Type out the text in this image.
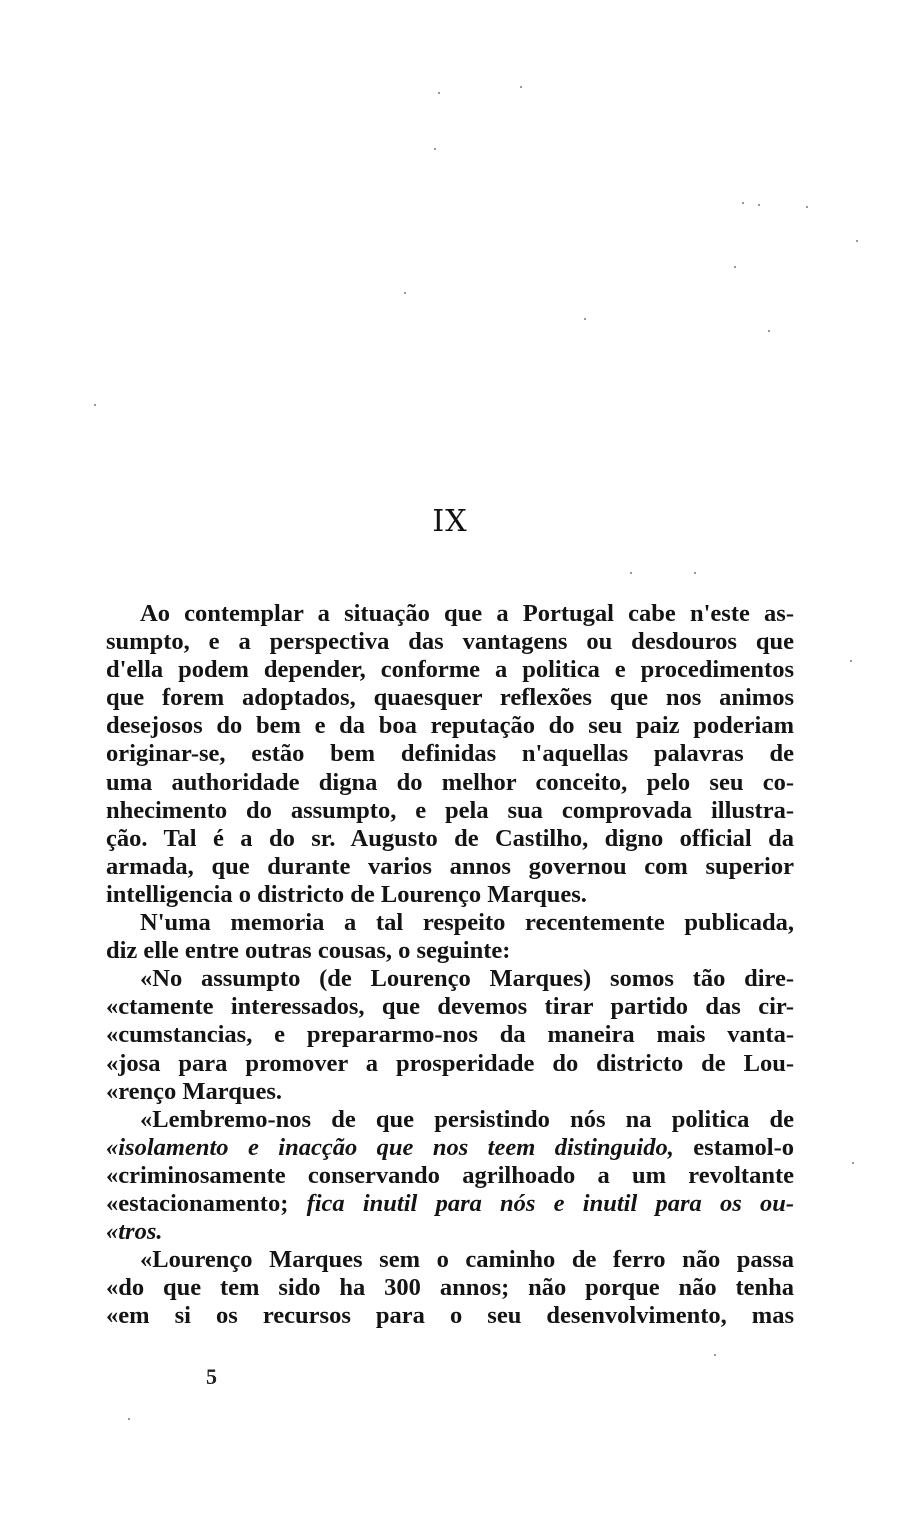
IX
Ao contemplar a situação que a Portugal cabe n'este as-
sumpto, e a perspectiva das vantagens ou desdouros que
d'ella podem depender, conforme a politica e procedimentos
que forem adoptados, quaesquer reflexões que nos animos
desejosos do bem e da boa reputação do seu paiz poderiam
originar-se, estão bem definidas n'aquellas palavras de
uma authoridade digna do melhor conceito, pelo seu co-
nhecimento do assumpto, e pela sua comprovada illustra-
ção. Tal é a do sr. Augusto de Castilho, digno official da
armada, que durante varios annos governou com superior
intelligencia o districto de Lourenço Marques.
N'uma memoria a tal respeito recentemente publicada,
diz elle entre outras cousas, o seguinte:
«No assumpto (de Lourenço Marques) somos tão dire-
«ctamente interessados, que devemos tirar partido das cir-
«cumstancias, e prepararmo-nos da maneira mais vanta-
«josa para promover a prosperidade do districto de Lou-
«renço Marques.
«Lembremo-nos de que persistindo nós na politica de
«isolamento e inacção que nos teem distinguido, estamol-o
«criminosamente conservando agrilhoado a um revoltante
«estacionamento; fica inutil para nós e inutil para os ou-
«tros.
«Lourenço Marques sem o caminho de ferro não passa
«do que tem sido ha 300 annos; não porque não tenha
«em si os recursos para o seu desenvolvimento, mas
5
